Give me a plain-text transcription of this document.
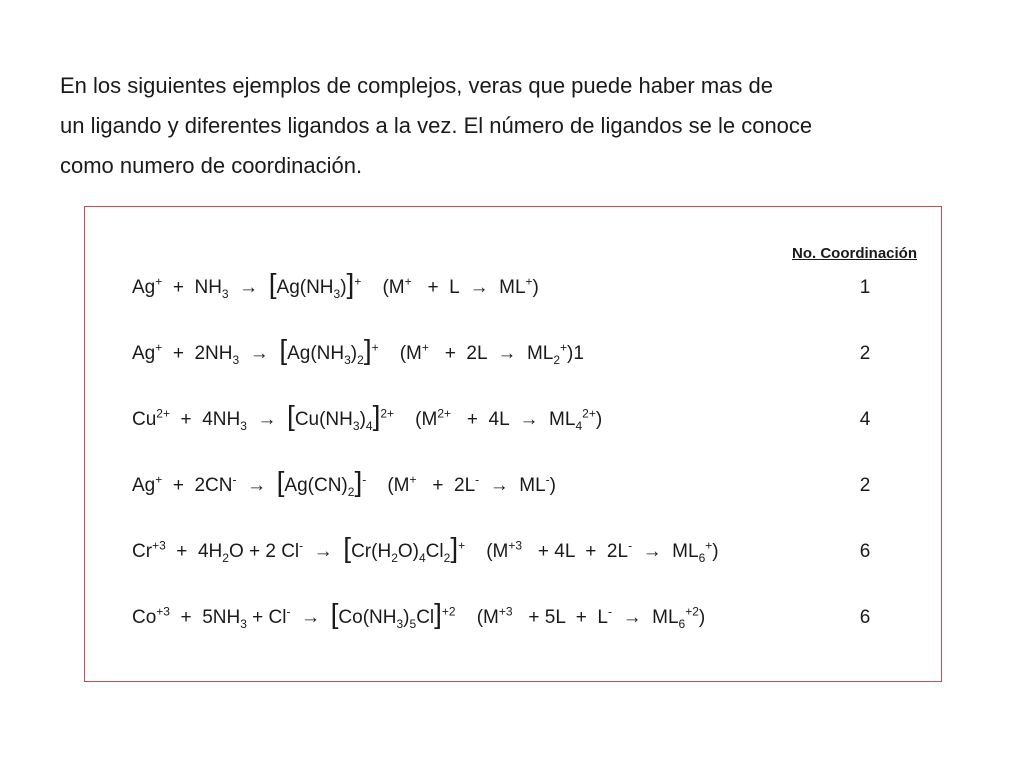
En los siguientes ejemplos de complejos, veras que puede haber mas de
un ligando y diferentes ligandos a la vez. El número de ligandos se le conoce
como numero de coordinación.
No. Coordinación
$Ag^+ + NH_3 \to [Ag(NH_3)]^+$    (M+   +  L  →  ML+)	1
$Ag^+ + 2NH_3 \to [Ag(NH_3)_2]^+$    $(M^+ + 2L \to ML_2^+)1$	2
$Cu^{2+} + 4NH_3 \to [Cu(NH_3)_4]^{2+}$    $(M^{2+} + 4L \to ML_4^{2+})$	4
$Ag^+ + 2CN^- \to [Ag(CN)_2]^-$    (M+   +  2L- →  ML-)	2
$Cr^{+3} + 4H_2O + 2$ $Cl^- \to [Cr(H_2O)_4Cl_2]^+$    $(M^{+3} + 4L + 2L^- \to ML_6^+)$	6
$Co^{+3} + 5NH_3 + Cl^- \to [Co(NH_3)_5Cl]^{+2}$    $(M^{+3} + 5L + L^- \to ML_6^{+2})$	6
